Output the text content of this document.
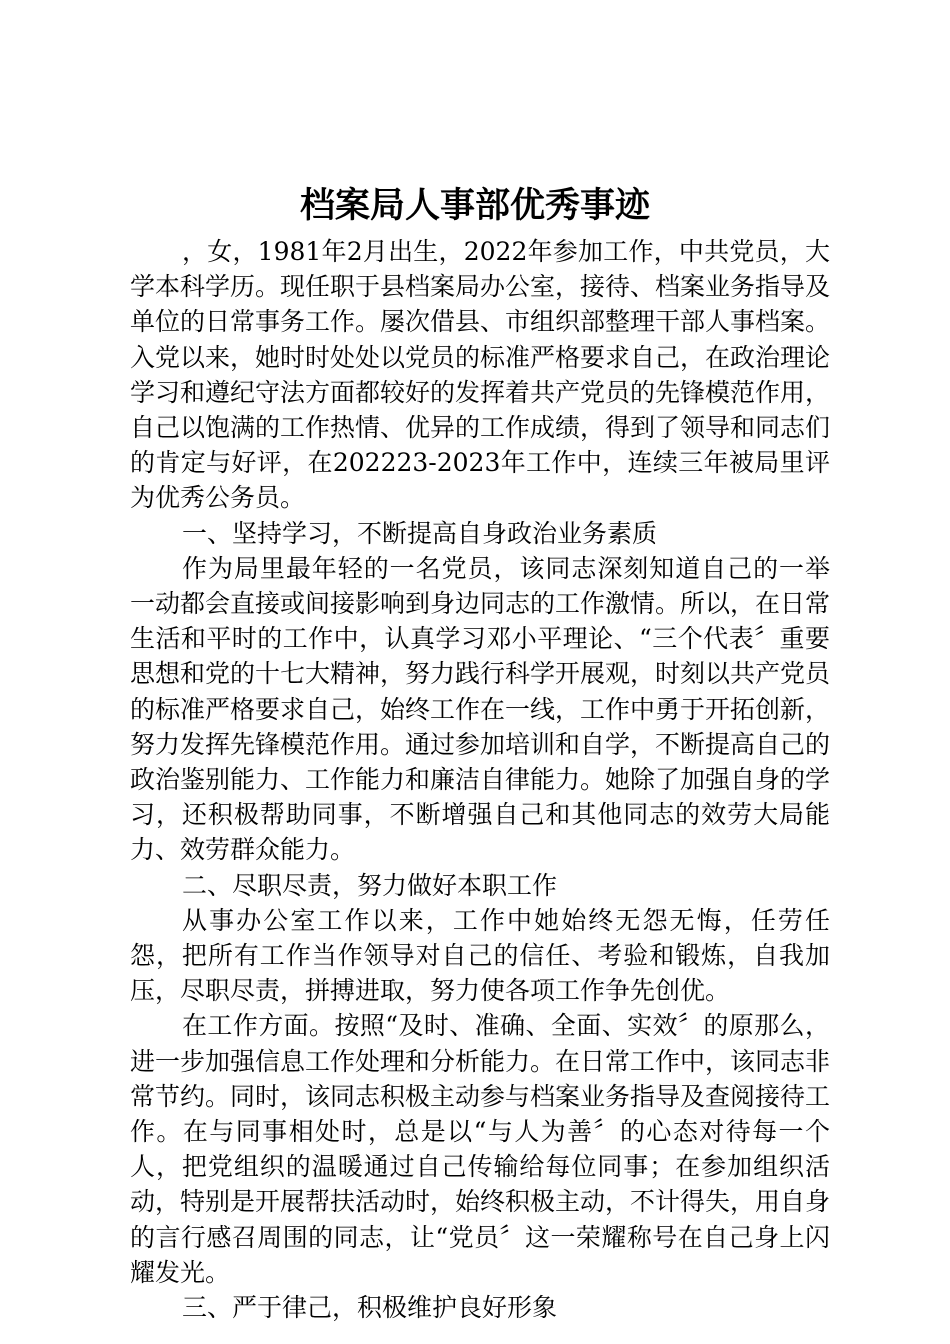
档案局人事部优秀事迹

，女，1981年2月出生，2022年参加工作，中共党员，大学本科学历。现任职于县档案局办公室，接待、档案业务指导及单位的日常事务工作。屡次借县、市组织部整理干部人事档案。入党以来，她时时处处以党员的标准严格要求自己，在政治理论学习和遵纪守法方面都较好的发挥着共产党员的先锋模范作用，自己以饱满的工作热情、优异的工作成绩，得到了领导和同志们的肯定与好评，在202223-2023年工作中，连续三年被局里评为优秀公务员。

一、坚持学习，不断提高自身政治业务素质

作为局里最年轻的一名党员，该同志深刻知道自己的一举一动都会直接或间接影响到身边同志的工作激情。所以，在日常生活和平时的工作中，认真学习邓小平理论、“三个代表〞重要思想和党的十七大精神，努力践行科学开展观，时刻以共产党员的标准严格要求自己，始终工作在一线，工作中勇于开拓创新，努力发挥先锋模范作用。通过参加培训和自学，不断提高自己的政治鉴别能力、工作能力和廉洁自律能力。她除了加强自身的学习，还积极帮助同事，不断增强自己和其他同志的效劳大局能力、效劳群众能力。

二、尽职尽责，努力做好本职工作

从事办公室工作以来，工作中她始终无怨无悔，任劳任怨，把所有工作当作领导对自己的信任、考验和锻炼，自我加压，尽职尽责，拼搏进取，努力使各项工作争先创优。

在工作方面。按照“及时、准确、全面、实效〞的原那么，进一步加强信息工作处理和分析能力。在日常工作中，该同志非常节约。同时，该同志积极主动参与档案业务指导及查阅接待工作。在与同事相处时，总是以“与人为善〞的心态对待每一个人，把党组织的温暖通过自己传输给每位同事；在参加组织活动，特别是开展帮扶活动时，始终积极主动，不计得失，用自身的言行感召周围的同志，让“党员〞这一荣耀称号在自己身上闪耀发光。

三、严于律己，积极维护良好形象
